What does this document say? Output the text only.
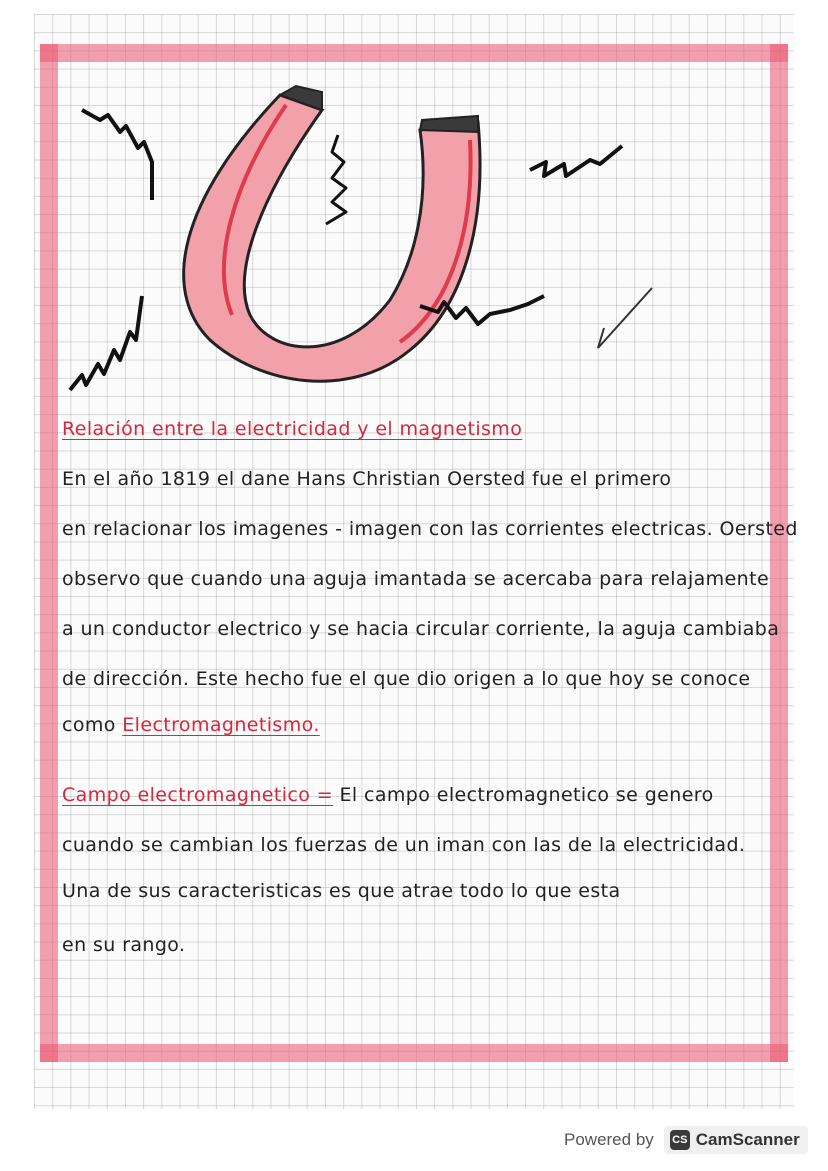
Relación entre la electricidad y el magnetismo
En el año 1819 el dane Hans Christian Oersted fue el primero
en relacionar los imagenes - imagen con las corrientes electricas. Oersted
observo que cuando una aguja imantada se acercaba para relajamente
a un conductor electrico y se hacia circular corriente, la aguja cambiaba
de dirección. Este hecho fue el que dio origen a lo que hoy se conoce
como Electromagnetismo.
Campo electromagnetico = El campo electromagnetico se genero
cuando se cambian los fuerzas de un iman con las de la electricidad.
Una de sus caracteristicas es que atrae todo lo que esta
en su rango.
Powered by CS CamScanner
